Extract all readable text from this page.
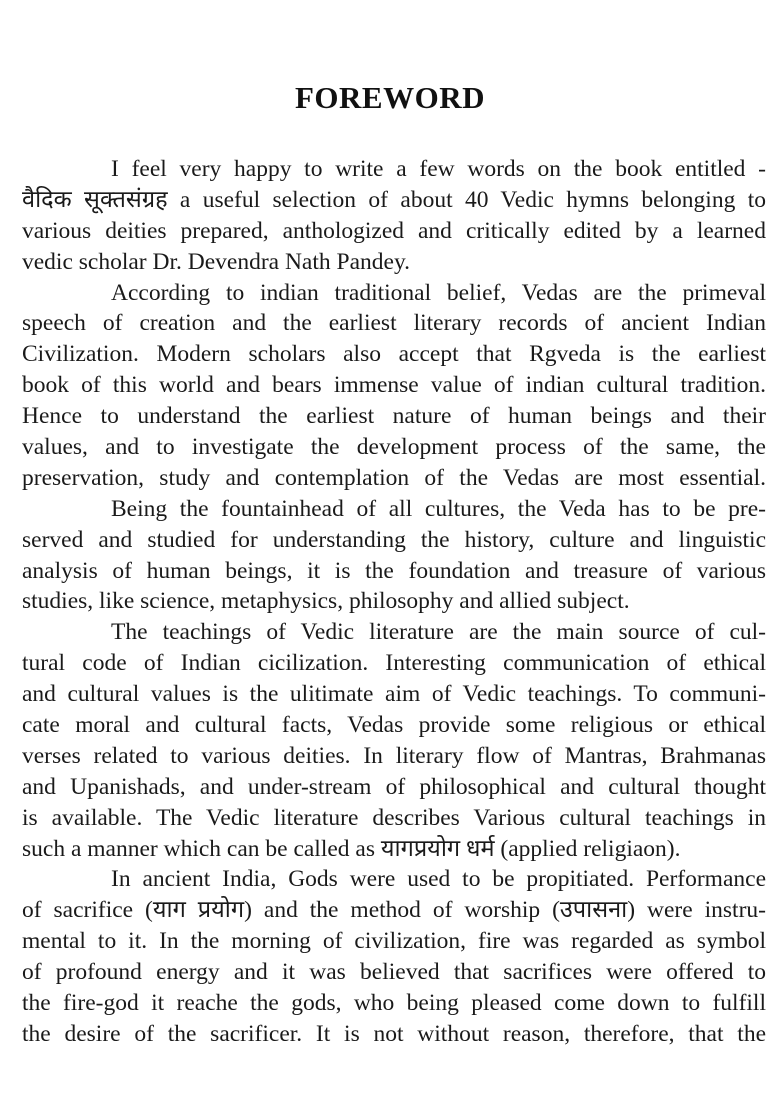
FOREWORD
I feel very happy to write a few words on the book entitled -
वैदिक सूक्तसंग्रह a useful selection of about 40 Vedic hymns belonging to
various deities prepared, anthologized and critically edited by a learned
vedic scholar Dr. Devendra Nath Pandey.
According to indian traditional belief, Vedas are the primeval
speech of creation and the earliest literary records of ancient Indian
Civilization. Modern scholars also accept that Rgveda is the earliest
book of this world and bears immense value of indian cultural tradition.
Hence to understand the earliest nature of human beings and their
values, and to investigate the development process of the same, the
preservation, study and contemplation of the Vedas are most essential.
Being the fountainhead of all cultures, the Veda has to be pre-
served and studied for understanding the history, culture and linguistic
analysis of human beings, it is the foundation and treasure of various
studies, like science, metaphysics, philosophy and allied subject.
The teachings of Vedic literature are the main source of cul-
tural code of Indian cicilization. Interesting communication of ethical
and cultural values is the ulitimate aim of Vedic teachings. To communi-
cate moral and cultural facts, Vedas provide some religious or ethical
verses related to various deities. In literary flow of Mantras, Brahmanas
and Upanishads, and under-stream of philosophical and cultural thought
is available. The Vedic literature describes Various cultural teachings in
such a manner which can be called as यागप्रयोग धर्म (applied religiaon).
In ancient India, Gods were used to be propitiated. Performance
of sacrifice (याग प्रयोग) and the method of worship (उपासना) were instru-
mental to it. In the morning of civilization, fire was regarded as symbol
of profound energy and it was believed that sacrifices were offered to
the fire-god it reache the gods, who being pleased come down to fulfill
the desire of the sacrificer. It is not without reason, therefore, that the
